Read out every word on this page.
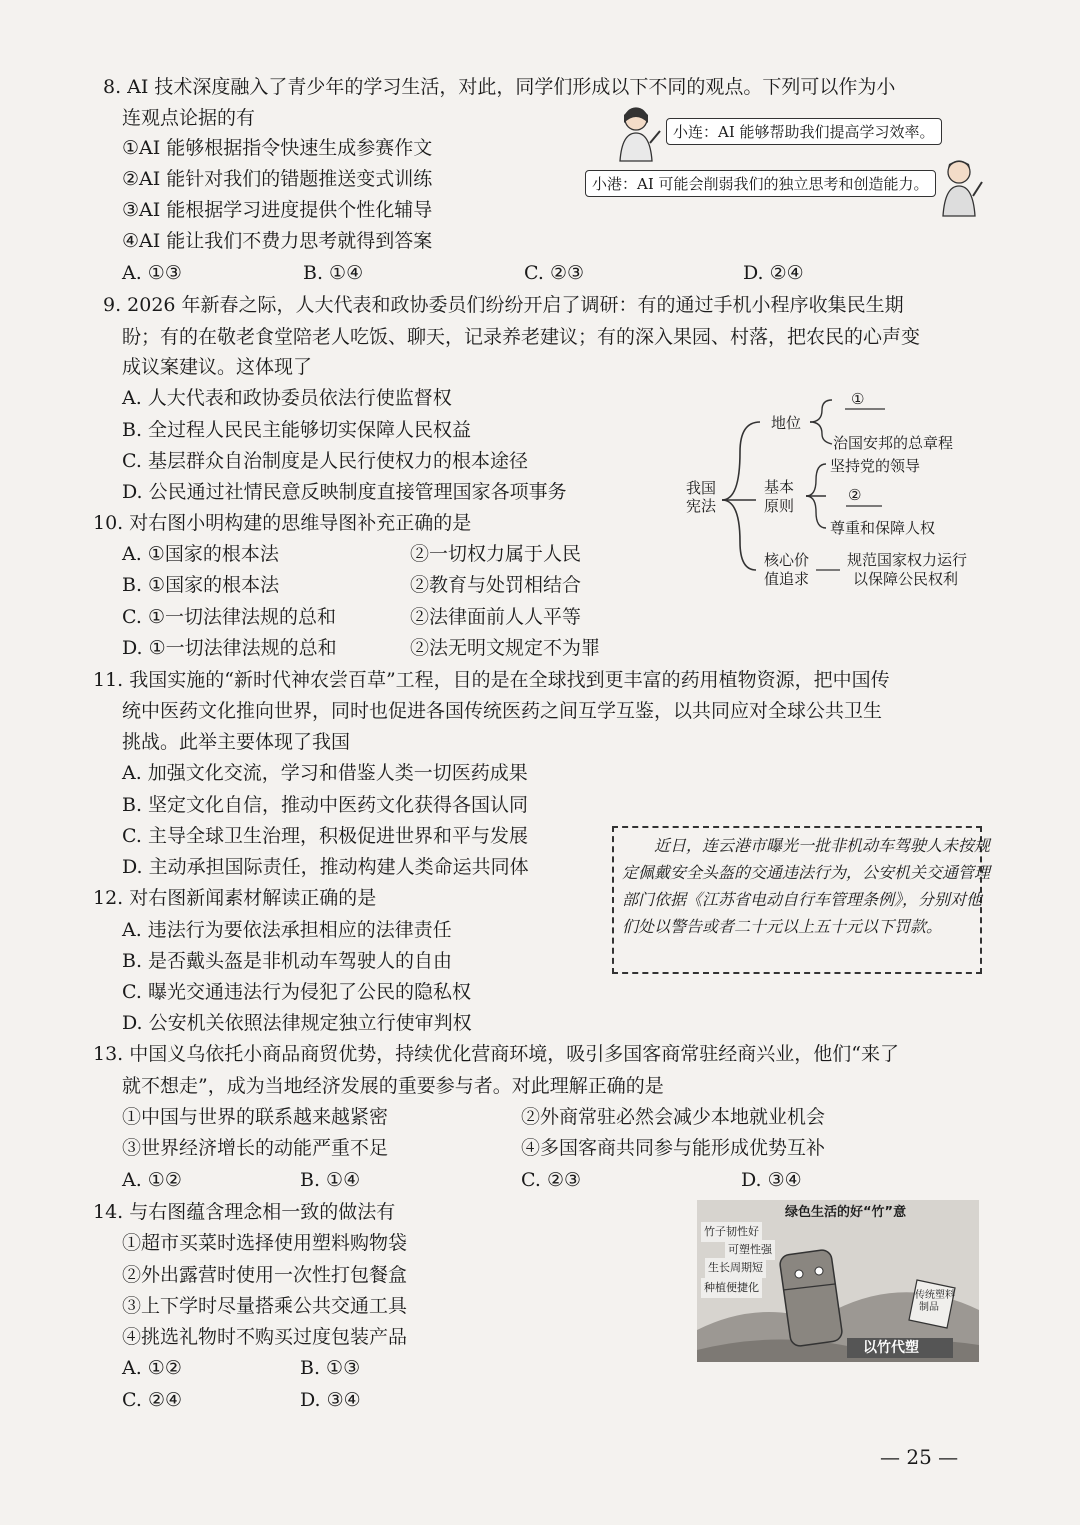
8. AI 技术深度融入了青少年的学习生活，对此，同学们形成以下不同的观点。下列可以作为小
连观点论据的有
①AI 能够根据指令快速生成参赛作文
②AI 能针对我们的错题推送变式训练
③AI 能根据学习进度提供个性化辅导
④AI 能让我们不费力思考就得到答案
A. ①③	B. ①④	C. ②③	D. ②④
小连：AI 能够帮助我们提高学习效率。
小港：AI 可能会削弱我们的独立思考和创造能力。
9. 2026 年新春之际，人大代表和政协委员们纷纷开启了调研：有的通过手机小程序收集民生期
盼；有的在敬老食堂陪老人吃饭、聊天，记录养老建议；有的深入果园、村落，把农民的心声变
成议案建议。这体现了
A. 人大代表和政协委员依法行使监督权
B. 全过程人民民主能够切实保障人民权益
C. 基层群众自治制度是人民行使权力的根本途径
D. 公民通过社情民意反映制度直接管理国家各项事务
10. 对右图小明构建的思维导图补充正确的是
A. ①国家的根本法	②一切权力属于人民
B. ①国家的根本法	②教育与处罚相结合
C. ①一切法律法规的总和	②法律面前人人平等
D. ①一切法律法规的总和	②法无明文规定不为罪
我国
宪法
地位
①
治国安邦的总章程
基本
原则
坚持党的领导
②
尊重和保障人权
核心价
值追求
规范国家权力运行
以保障公民权利
11. 我国实施的“新时代神农尝百草”工程，目的是在全球找到更丰富的药用植物资源，把中国传
统中医药文化推向世界，同时也促进各国传统医药之间互学互鉴，以共同应对全球公共卫生
挑战。此举主要体现了我国
A. 加强文化交流，学习和借鉴人类一切医药成果
B. 坚定文化自信，推动中医药文化获得各国认同
C. 主导全球卫生治理，积极促进世界和平与发展
D. 主动承担国际责任，推动构建人类命运共同体
近日，连云港市曝光一批非机动车驾驶人未按规
定佩戴安全头盔的交通违法行为，公安机关交通管理
部门依据《江苏省电动自行车管理条例》，分别对他
们处以警告或者二十元以上五十元以下罚款。
12. 对右图新闻素材解读正确的是
A. 违法行为要依法承担相应的法律责任
B. 是否戴头盔是非机动车驾驶人的自由
C. 曝光交通违法行为侵犯了公民的隐私权
D. 公安机关依照法律规定独立行使审判权
13. 中国义乌依托小商品商贸优势，持续优化营商环境，吸引多国客商常驻经商兴业，他们“来了
就不想走”，成为当地经济发展的重要参与者。对此理解正确的是
①中国与世界的联系越来越紧密	②外商常驻必然会减少本地就业机会
③世界经济增长的动能严重不足	④多国客商共同参与能形成优势互补
A. ①②	B. ①④	C. ②③	D. ③④
14. 与右图蕴含理念相一致的做法有
①超市买菜时选择使用塑料购物袋
②外出露营时使用一次性打包餐盒
③上下学时尽量搭乘公共交通工具
④挑选礼物时不购买过度包装产品
A. ①②	B. ①③
C. ②④	D. ③④
绿色生活的好“竹”意
竹子韧性好
可塑性强
生长周期短
种植便捷化
传统塑料
制品
以竹代塑
— 25 —
